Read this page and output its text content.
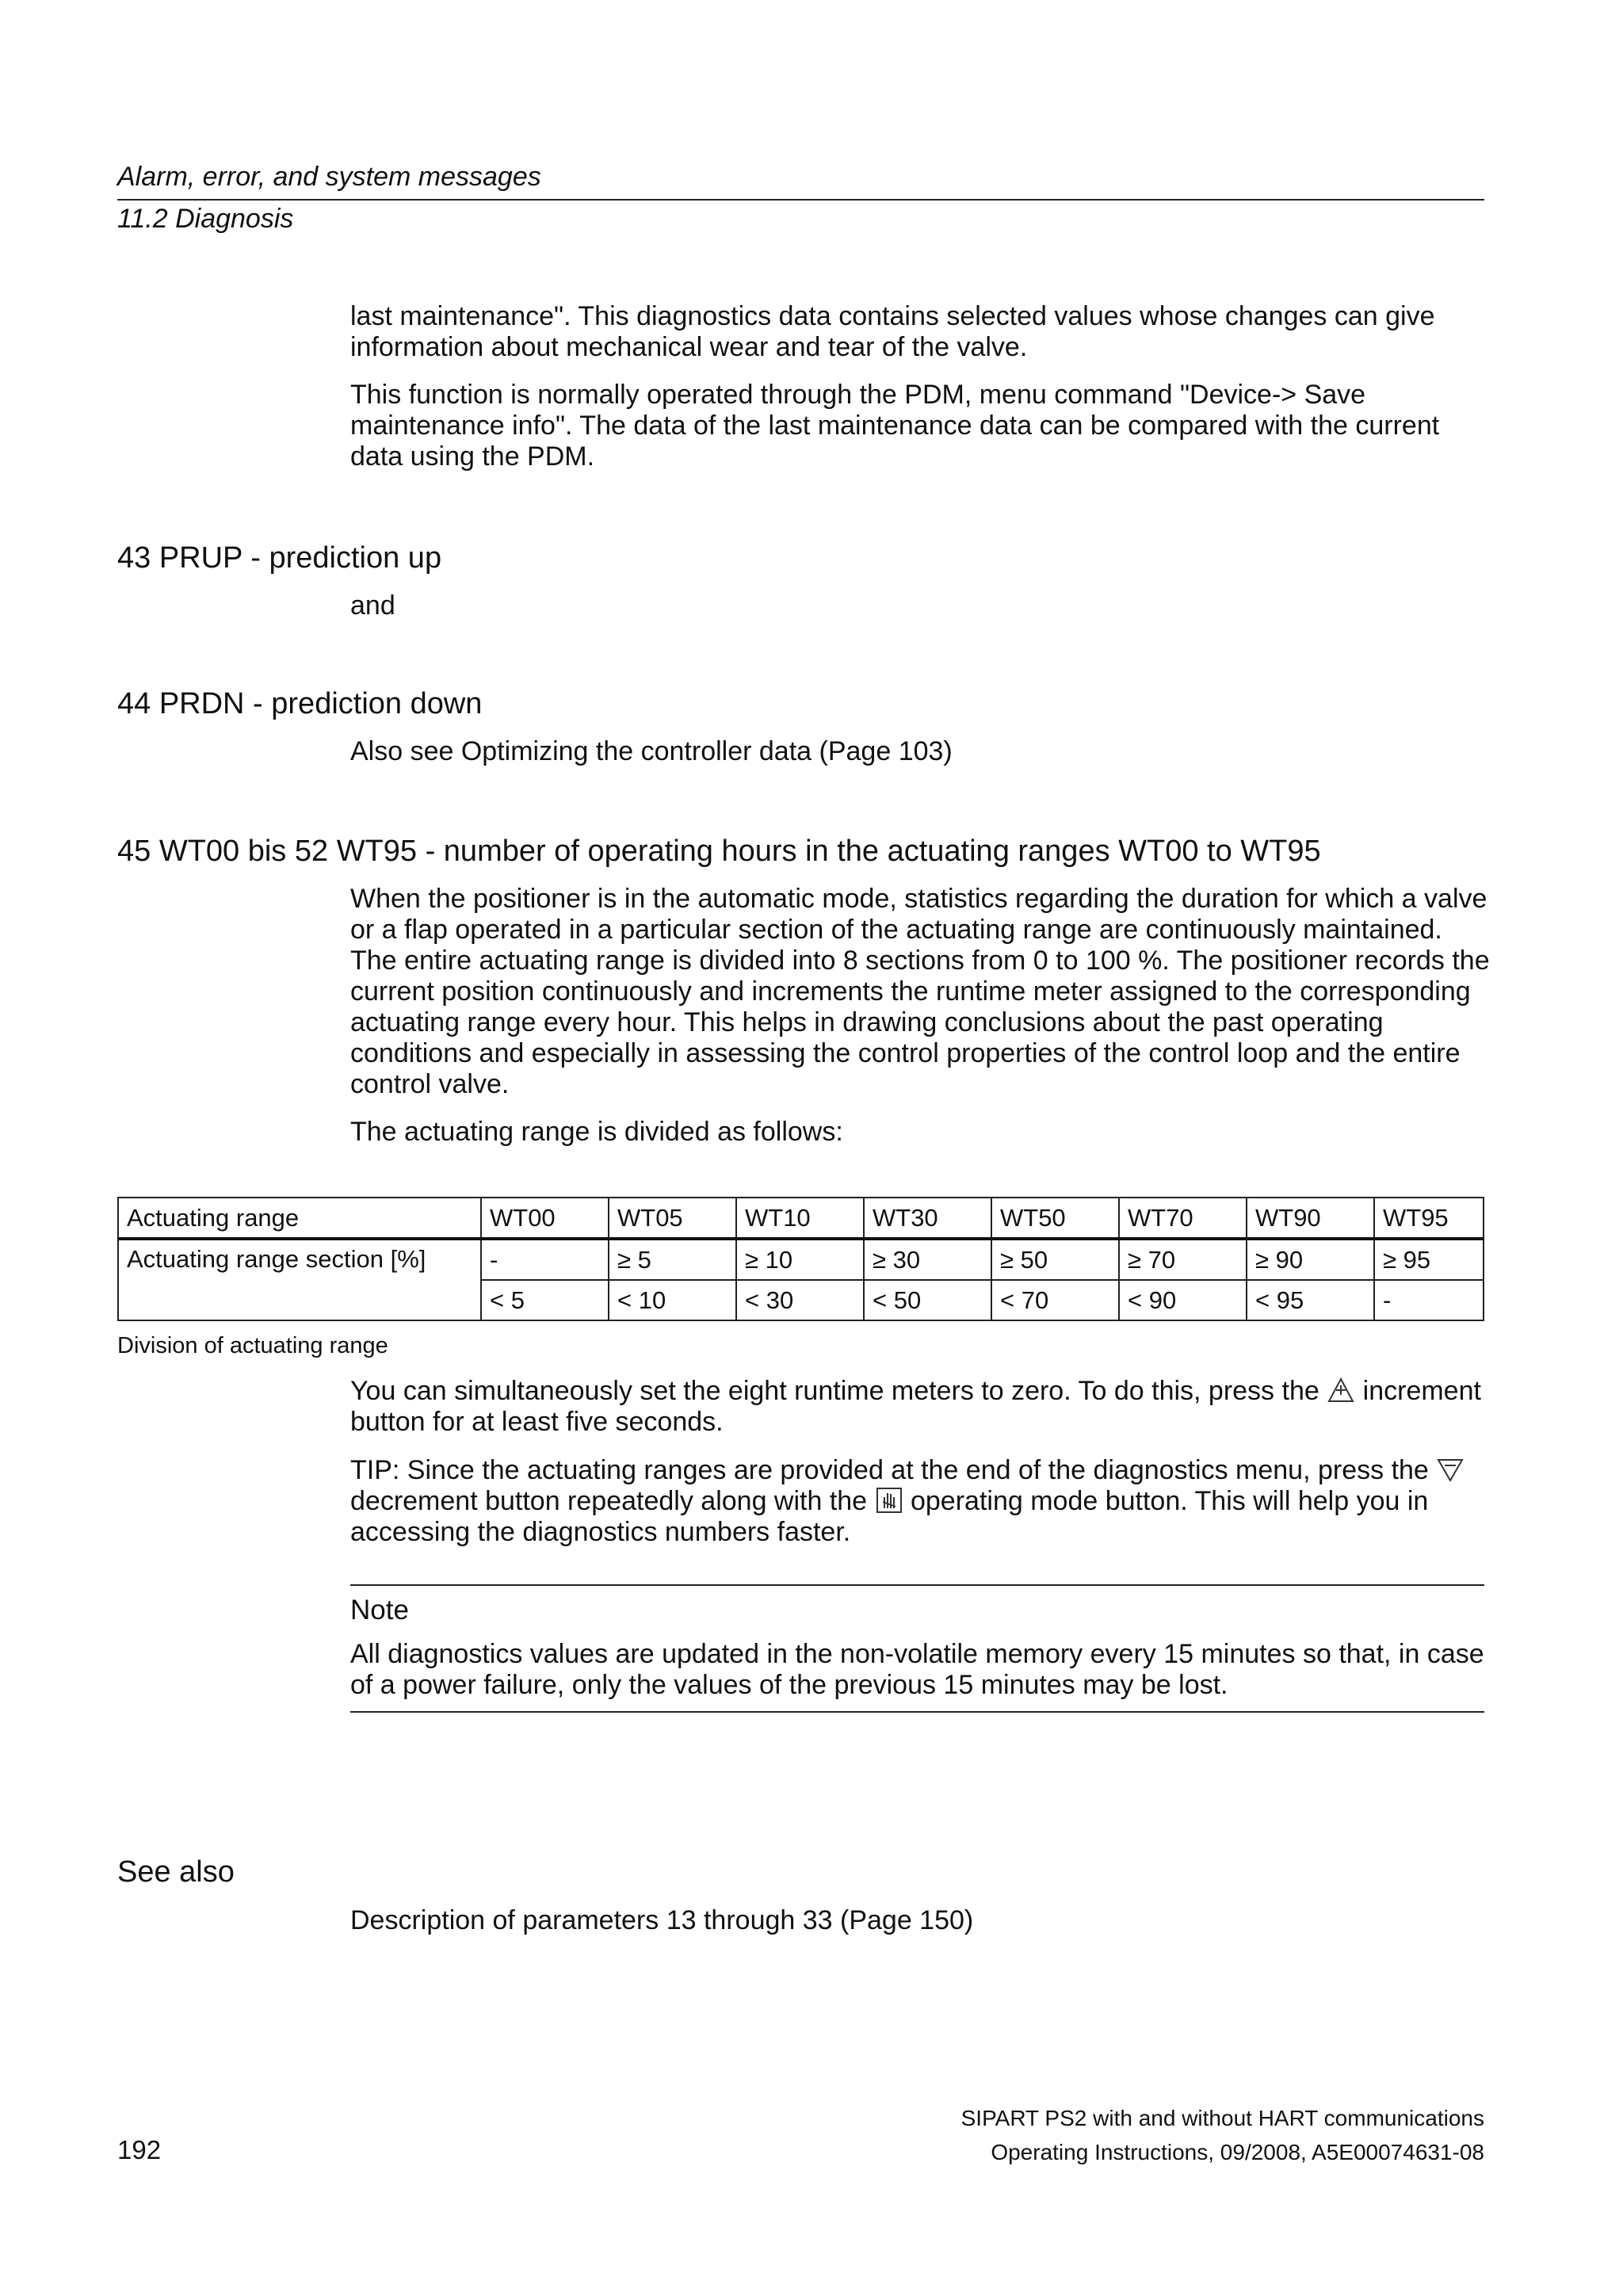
Alarm, error, and system messages
11.2 Diagnosis

last maintenance". This diagnostics data contains selected values whose changes can give information about mechanical wear and tear of the valve.

This function is normally operated through the PDM, menu command "Device-> Save maintenance info". The data of the last maintenance data can be compared with the current data using the PDM.

43 PRUP - prediction up
and
44 PRDN - prediction down
Also see Optimizing the controller data (Page 103)
45 WT00 bis 52 WT95 - number of operating hours in the actuating ranges WT00 to WT95

When the positioner is in the automatic mode, statistics regarding the duration for which a valve or a flap operated in a particular section of the actuating range are continuously maintained. The entire actuating range is divided into 8 sections from 0 to 100 %. The positioner records the current position continuously and increments the runtime meter assigned to the corresponding actuating range every hour. This helps in drawing conclusions about the past operating conditions and especially in assessing the control properties of the control loop and the entire control valve.

The actuating range is divided as follows:

Actuating range	WT00	WT05	WT10	WT30	WT50	WT70	WT90	WT95
Actuating range section [%]	-	≥ 5	≥ 10	≥ 30	≥ 50	≥ 70	≥ 90	≥ 95
	< 5	< 10	< 30	< 50	< 70	< 90	< 95	-
Division of actuating range

You can simultaneously set the eight runtime meters to zero. To do this, press the  increment button for at least five seconds.

TIP: Since the actuating ranges are provided at the end of the diagnostics menu, press the  decrement button repeatedly along with the  operating mode button. This will help you in accessing the diagnostics numbers faster.

Note
All diagnostics values are updated in the non-volatile memory every 15 minutes so that, in case of a power failure, only the values of the previous 15 minutes may be lost.
See also
Description of parameters 13 through 33 (Page 150)
SIPART PS2 with and without HART communications
192	Operating Instructions, 09/2008, A5E00074631-08
